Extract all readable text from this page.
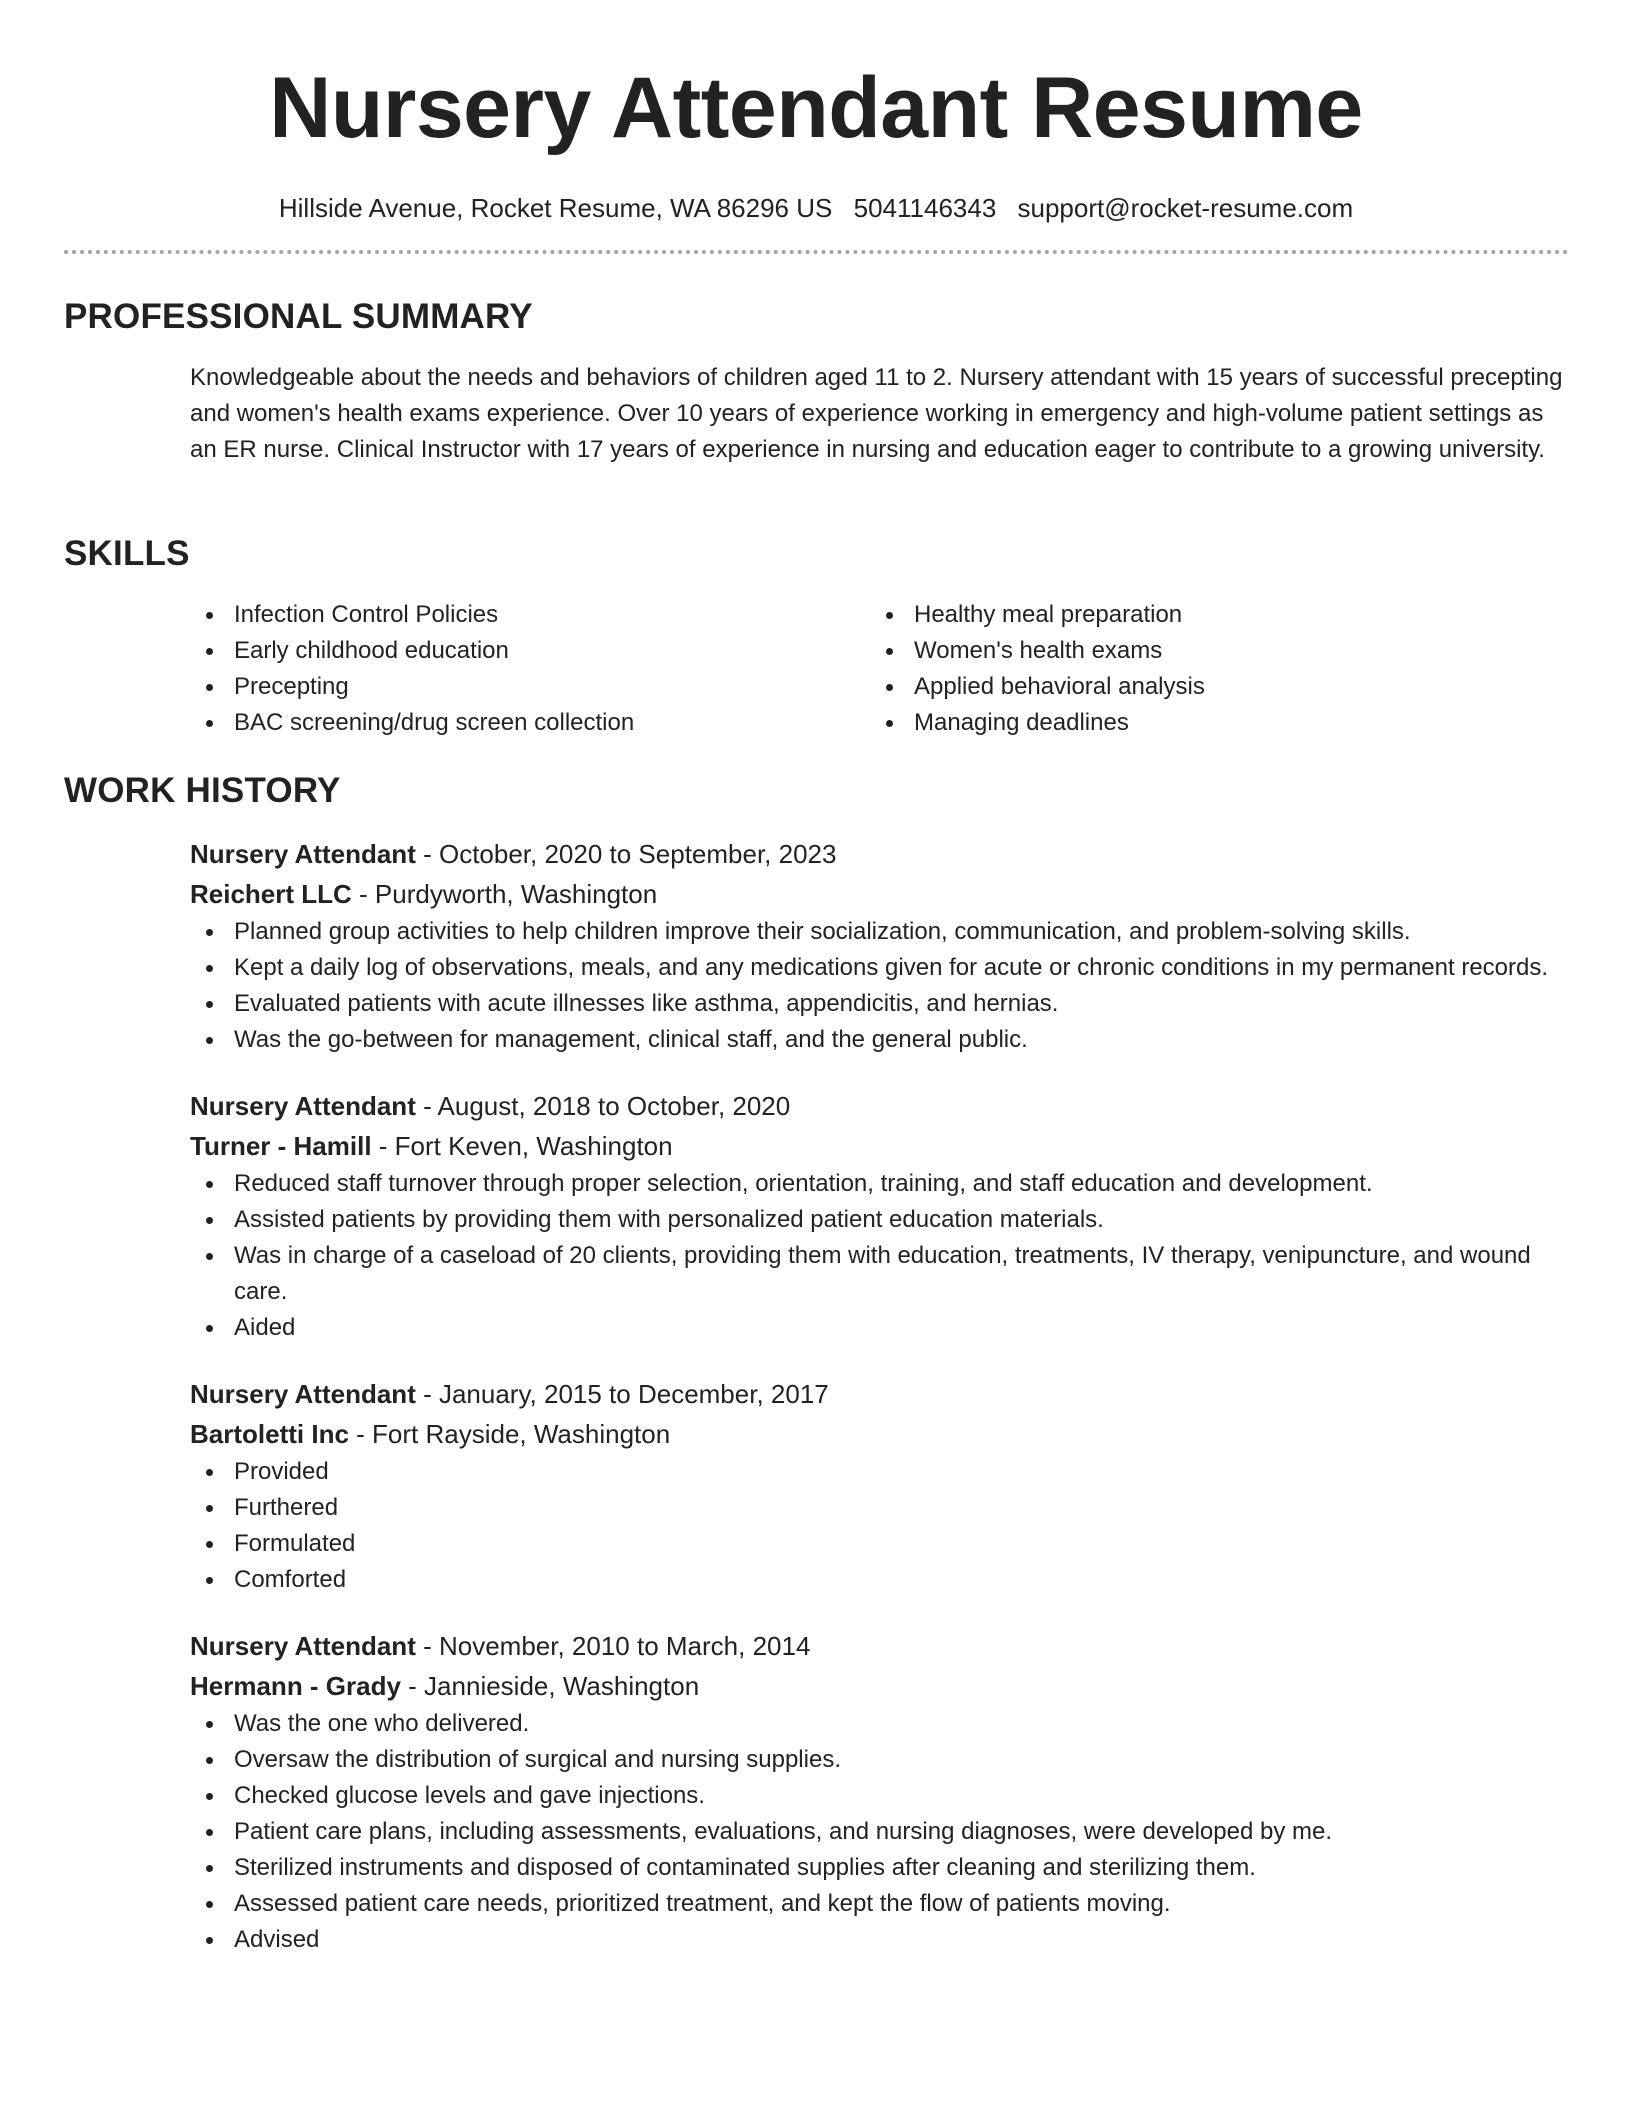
Nursery Attendant Resume
Hillside Avenue, Rocket Resume, WA 86296 US 5041146343 support@rocket-resume.com
PROFESSIONAL SUMMARY
Knowledgeable about the needs and behaviors of children aged 11 to 2. Nursery attendant with 15 years of successful precepting and women's health exams experience. Over 10 years of experience working in emergency and high-volume patient settings as an ER nurse. Clinical Instructor with 17 years of experience in nursing and education eager to contribute to a growing university.
SKILLS
Infection Control Policies
Early childhood education
Precepting
BAC screening/drug screen collection
Healthy meal preparation
Women's health exams
Applied behavioral analysis
Managing deadlines
WORK HISTORY
Nursery Attendant - October, 2020 to September, 2023
Reichert LLC - Purdyworth, Washington
Planned group activities to help children improve their socialization, communication, and problem-solving skills.
Kept a daily log of observations, meals, and any medications given for acute or chronic conditions in my permanent records.
Evaluated patients with acute illnesses like asthma, appendicitis, and hernias.
Was the go-between for management, clinical staff, and the general public.
Nursery Attendant - August, 2018 to October, 2020
Turner - Hamill - Fort Keven, Washington
Reduced staff turnover through proper selection, orientation, training, and staff education and development.
Assisted patients by providing them with personalized patient education materials.
Was in charge of a caseload of 20 clients, providing them with education, treatments, IV therapy, venipuncture, and wound care.
Aided
Nursery Attendant - January, 2015 to December, 2017
Bartoletti Inc - Fort Rayside, Washington
Provided
Furthered
Formulated
Comforted
Nursery Attendant - November, 2010 to March, 2014
Hermann - Grady - Jannieside, Washington
Was the one who delivered.
Oversaw the distribution of surgical and nursing supplies.
Checked glucose levels and gave injections.
Patient care plans, including assessments, evaluations, and nursing diagnoses, were developed by me.
Sterilized instruments and disposed of contaminated supplies after cleaning and sterilizing them.
Assessed patient care needs, prioritized treatment, and kept the flow of patients moving.
Advised
